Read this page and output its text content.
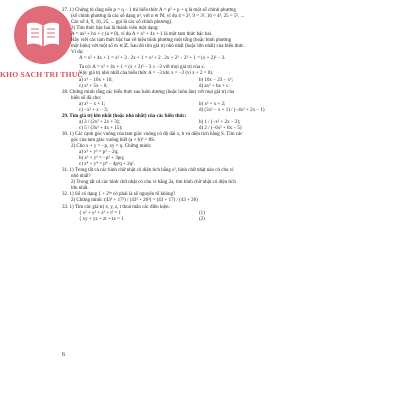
KHO SACH TRI THUC
27. 1) Chứng tỏ rằng nếu p = q − 1 thì biểu thức A = p² + p + q là một số chính phương
(số chính phương là các số dạng n², với n ∈ ℕ, ví dụ 4 = 2², 9 = 3², 16 = 4², 25 = 5², ...
Các số 4, 9, 16, 25, ... gọi là các số chính phương).
2) Tìm thức bậc hai là thành viên một dạng:
A = ax² + bx + c (a ≠ 0), ví dụ A = x² + 4x + 1 là một tam thức bậc hai.
Hãy viết các tam thức bậc hai về hiệu bình phương một tổng (hoặc bình phương
một hiệu) với một số m ∈ ℤ. Sau đó tìm giá trị nhỏ nhất (hoặc lớn nhất) của biểu thức.
Ví dụ:
A = x² + 4x + 1 = x² + 2 . 2x + 1 = x² + 2 . 2x + 2² − 2² + 1 = (x + 2)² − 3.
Ta có: A = x² + 4x + 1 = (x + 2)² − 3 ≥ −3 với mọi giá trị của x.
Vậy giá trị nhỏ nhất của biểu thức A = −3 khi x = −2 (vì x + 2 = 0).
a) x² − 10x + 16;	b) 10x − 23 − x²;
c) x² + 5x − 6;	d) ax² + bx + c.
28. Chứng minh rằng các biểu thức sau luôn dương (hoặc luôn âm) với mọi giá trị của
biến số đã cho:
a) x² − x + 1;	b) x² + x + 2;
c) −x² + x − 3;	d) (3x² − x + 1) / (−4x² + 2x − 1)
29. Tìm giá trị lớn nhất (hoặc nhỏ nhất) của các biểu thức:
a) 3 / (2x² + 2x + 3);	b) 1 / (−x² + 2x − 2);
c) 5 / (3x² + 4x + 15);	d) 2 / (−6x² + 8x − 5)
30. 1) Các cạnh góc vuông của tam giác vuông có độ dài x, b và diện tích bằng S. Tìm các
góc của tam giác vuông biết (a + b)² = 8S.
2) Cho x + y = −p, xy = q. Chứng minh:
a) x² + y² = p² − 2q;
b) x³ + y³ = −p³ + 3pq;
c) x⁴ + y⁴ = p⁴ − 4p²q + 2q².
31. 1) Trong tất cả các hình chữ nhật có diện tích bằng s², hình chữ nhật nào có chu vi
nhỏ nhất?
2) Trong tất cả các hình chữ nhật có chu vi bằng 2a, tìm hình chữ nhật có diện tích
lớn nhất.
32. 1) Số có dạng 1 + 2²ⁿ có phải là số nguyên tố không?
2) Chứng minh: (43³ + 17³) / (43³ + 26³) = (43 + 17) / (43 + 26)
33. 1) Tìm các giá trị x, y, z, t thoả mãn các điều kiện:
{ x² + y² + z² + t² = 1	(1)
{ xy + yz + zt + tx = 1	(2)
6
